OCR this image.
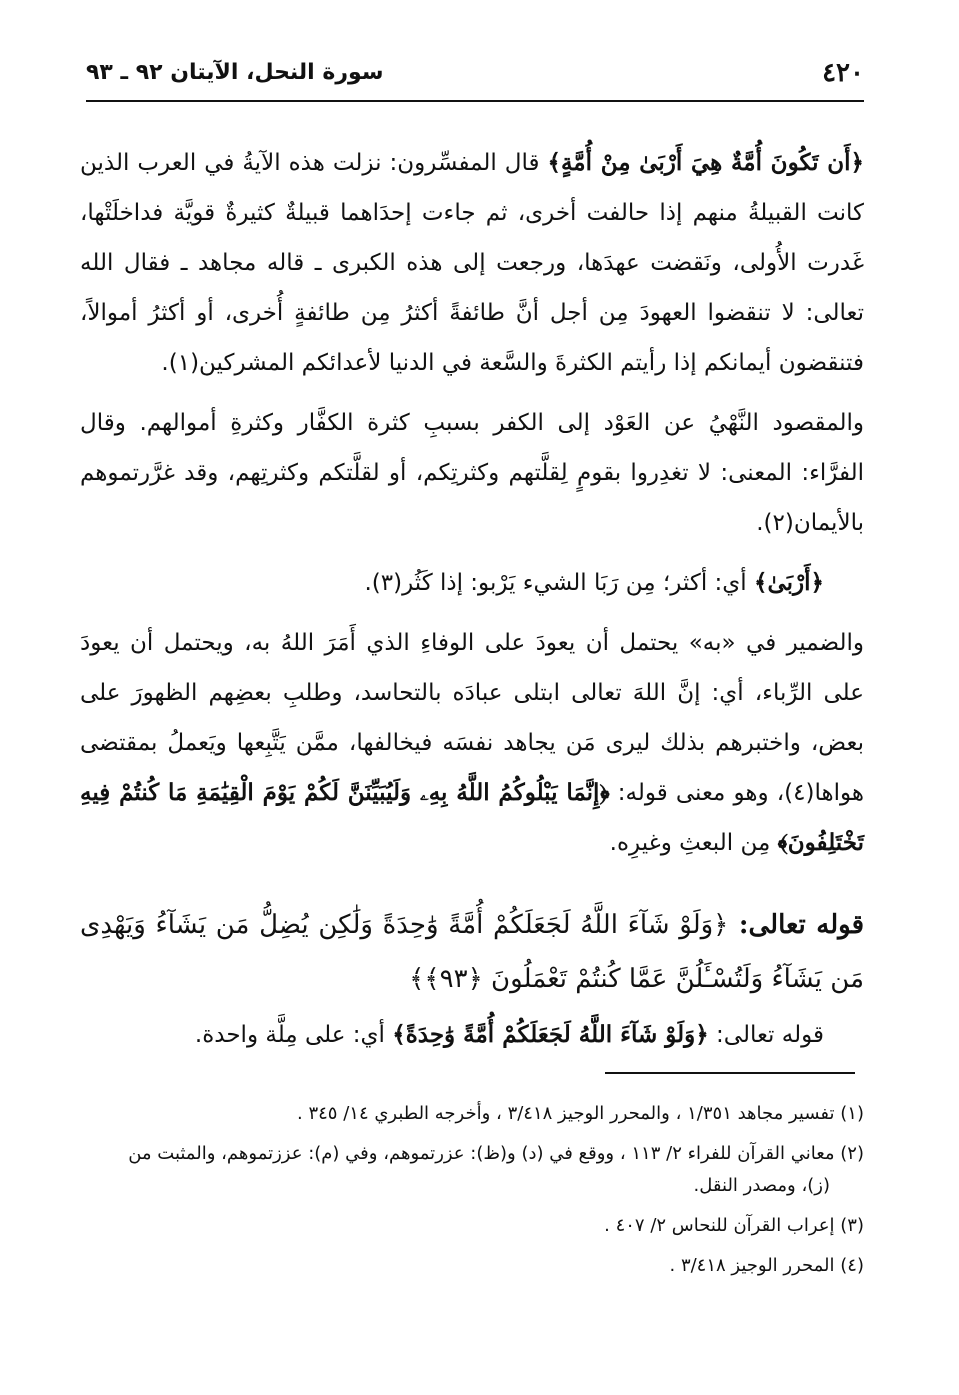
٤٢٠
سورة النحل، الآيتان ٩٢ ـ ٩٣

﴿أَن تَكُونَ أُمَّةٌ هِيَ أَرْبَىٰ مِنْ أُمَّةٍ﴾ قال المفسِّرون: نزلت هذه الآيةُ في العرب الذين كانت القبيلةُ منهم إذا حالفت أخرى، ثم جاءت إحدَاهما قبيلةٌ كثيرةٌ قويَّة فداخلَتْها، غَدرت الأُولى، ونَقضت عهدَها، ورجعت إلى هذه الكبرى ـ قاله مجاهد ـ فقال الله تعالى: لا تنقضوا العهودَ مِن أجل أنَّ طائفةً أكثرُ مِن طائفةٍ أُخرى، أو أكثرُ أموالاً، فتنقضون أيمانكم إذا رأيتم الكثرةَ والسَّعة في الدنيا لأعدائكم المشركين(١).

والمقصود النَّهْيُ عن العَوْد إلى الكفر بسببِ كثرة الكفَّار وكثرةِ أموالهم. وقال الفرَّاء: المعنى: لا تغدِروا بقومٍ لِقلَّتهم وكثرتِكم، أو لقلَّتكم وكثرتِهم، وقد غرَّرتموهم بالأيمان(٢).

﴿أَرْبَىٰ﴾ أي: أكثر؛ مِن رَبَا الشيء يَرْبو: إذا كَثُر(٣).

والضمير في «به» يحتمل أن يعودَ على الوفاءِ الذي أَمَرَ اللهُ به، ويحتمل أن يعودَ على الرِّباء، أي: إنَّ اللهَ تعالى ابتلى عبادَه بالتحاسد، وطلبِ بعضِهم الظهورَ على بعض، واختبرهم بذلك ليرى مَن يجاهد نفسَه فيخالفها، ممَّن يَتَّبِعها ويَعملُ بمقتضى هواها(٤)، وهو معنى قوله: ﴿إِنَّمَا يَبْلُوكُمُ اللَّهُ بِهِۦ وَلَيُبَيِّنَنَّ لَكُمْ يَوْمَ الْقِيَٰمَةِ مَا كُنتُمْ فِيهِ تَخْتَلِفُونَ﴾ مِن البعثِ وغيرِه.

قوله تعالى: ﴿وَلَوْ شَآءَ اللَّهُ لَجَعَلَكُمْ أُمَّةً وَٰحِدَةً وَلَٰكِن يُضِلُّ مَن يَشَآءُ وَيَهْدِى مَن يَشَآءُ وَلَتُسْـَٔلُنَّ عَمَّا كُنتُمْ تَعْمَلُونَ ﴿٩٣﴾﴾
قوله تعالى: ﴿وَلَوْ شَآءَ اللَّهُ لَجَعَلَكُمْ أُمَّةً وَٰحِدَةً﴾ أي: على مِلَّة واحدة.
(١) تفسير مجاهد ١/٣٥١ ، والمحرر الوجيز ٣/٤١٨ ، وأخرجه الطبري ١٤/ ٣٤٥ .
(٢) معاني القرآن للفراء ٢/ ١١٣ ، ووقع في (د) و(ظ): عزرتموهم، وفي (م): عززتموهم، والمثبت من
(ز)، ومصدر النقل.
(٣) إعراب القرآن للنحاس ٢/ ٤٠٧ .
(٤) المحرر الوجيز ٣/٤١٨ .
